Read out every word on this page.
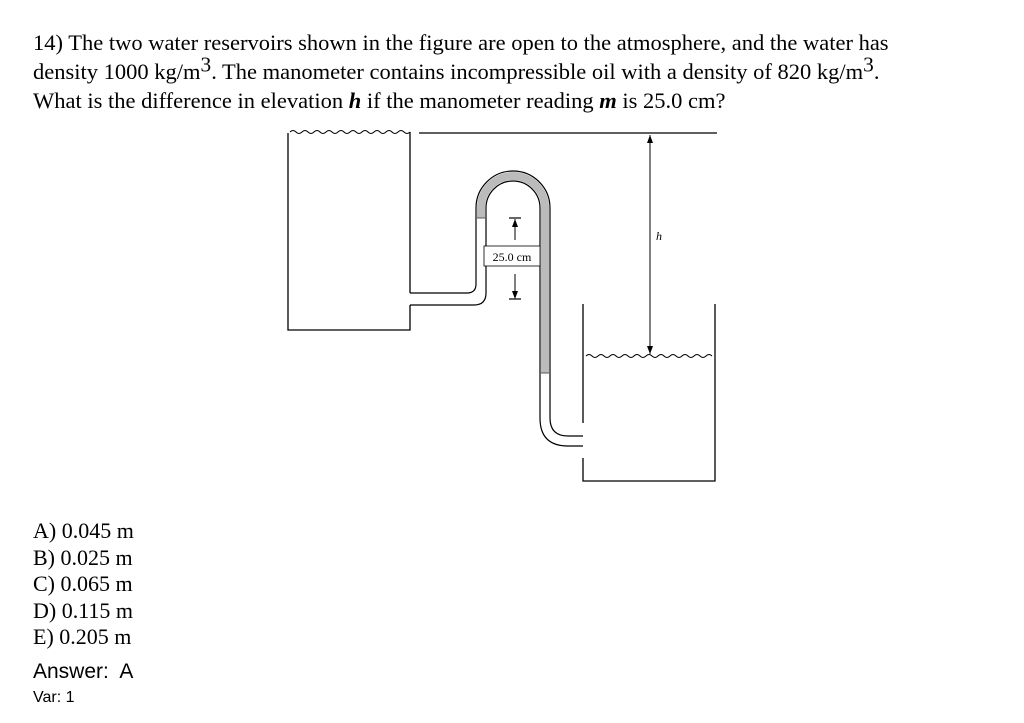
14) The two water reservoirs shown in the figure are open to the atmosphere, and the water has
density 1000 $kg/m^3$. The manometer contains incompressible oil with a density of 820 $kg/m^3$.
What is the difference in elevation h if the manometer reading m is 25.0 cm?
25.0 cm
h
A) 0.045 m
B) 0.025 m
C) 0.065 m
D) 0.115 m
E) 0.205 m
Answer: A
Var: 1
